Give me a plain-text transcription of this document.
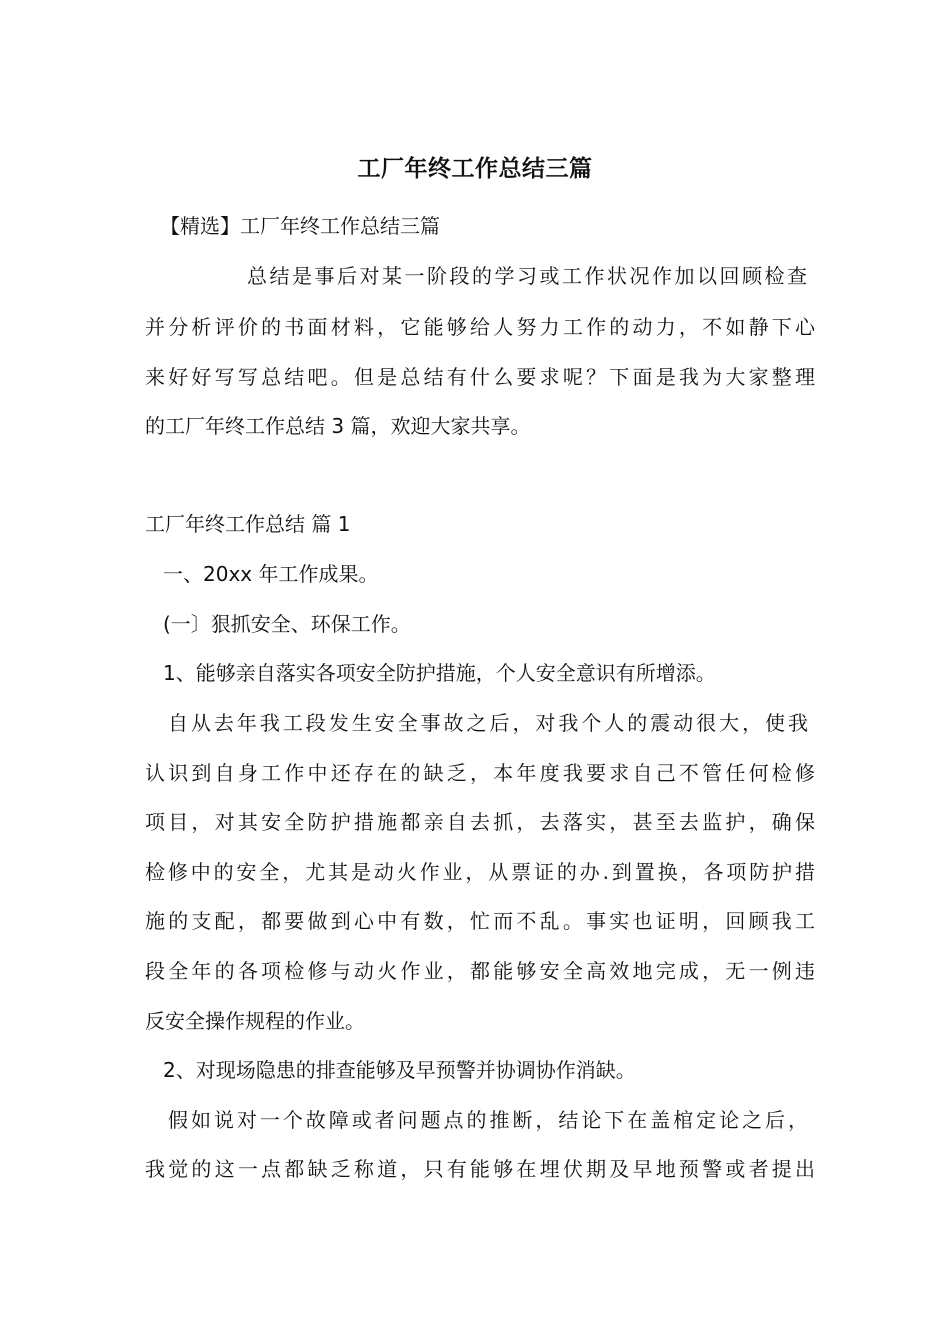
工厂年终工作总结三篇
【精选】工厂年终工作总结三篇
总结是事后对某一阶段的学习或工作状况作加以回顾检查
并分析评价的书面材料，它能够给人努力工作的动力，不如静下心
来好好写写总结吧。但是总结有什么要求呢？下面是我为大家整理
的工厂年终工作总结 3 篇，欢迎大家共享。
工厂年终工作总结 篇 1
一、20xx 年工作成果。
(一〕狠抓安全、环保工作。
1、能够亲自落实各项安全防护措施，个人安全意识有所增添。
自从去年我工段发生安全事故之后，对我个人的震动很大，使我
认识到自身工作中还存在的缺乏，本年度我要求自己不管任何检修
项目，对其安全防护措施都亲自去抓，去落实，甚至去监护，确保
检修中的安全，尤其是动火作业，从票证的办.到置换，各项防护措
施的支配，都要做到心中有数，忙而不乱。事实也证明，回顾我工
段全年的各项检修与动火作业，都能够安全高效地完成，无一例违
反安全操作规程的作业。
2、对现场隐患的排查能够及早预警并协调协作消缺。
假如说对一个故障或者问题点的推断，结论下在盖棺定论之后，
我觉的这一点都缺乏称道，只有能够在埋伏期及早地预警或者提出
